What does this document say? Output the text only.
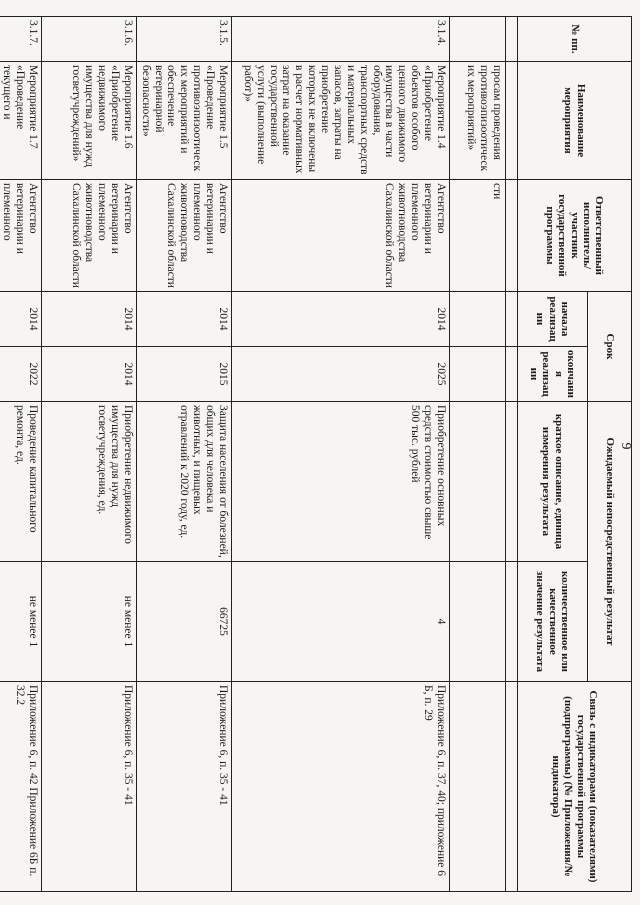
9
№ пп.	Наименование мероприятия	Ответственный исполнитель/участник государственной программы	Срок		Ожидаемый непосредственный результат		Связь с индикаторами (показателями) государственной программы (подпрограммы) (№ Приложения/№ индикатора)
			начала реализации	окончания реализации	краткое описание, единица измерения результата	количественное или качественное значение результата	

	просам проведения противоэпизоотических мероприятий»	сти					
3.1.4.	Мероприятие 1.4 «Приобретение объектов особого ценного движимого имущества в части оборудования, транспортных средств и материальных запасов, затраты на приобретение которых не включены в расчет нормативных затрат на оказание государственной услуги (выполнение работ)»	Агентство ветеринарии и племенного животноводства Сахалинской области	2014	2025	Приобретение основных средств стоимостью свыше 500 тыс. рублей	4	Приложение 6, п. 37, 40; приложение 6 Б, п. 29
3.1.5.	Мероприятие 1.5 «Проведение противоэпизоотических мероприятий и обеспечение ветеринарной безопасности»	Агентство ветеринарии и племенного животноводства Сахалинской области	2014	2015	Защита населения от болезней, общих для человека и животных, и пищевых отравлений к 2020 году, ед.	66725	Приложение 6, п. 35 - 41
3.1.6.	Мероприятие 1.6 «Приобретение недвижимого имущества для нужд госветучреждений»	Агентство ветеринарии и племенного животноводства Сахалинской области	2014	2014	Приобретение недвижимого имущества для нужд госветучреждения, ед.	не менее 1	Приложение 6, п. 35 - 41
3.1.7.	Мероприятие 1.7 «Проведение текущего и	Агентство ветеринарии и племенного	2014	2022	Проведение капитального ремонта, ед.	не менее 1	Приложение 6, п. 42 Приложение 6Б п. 32.2
